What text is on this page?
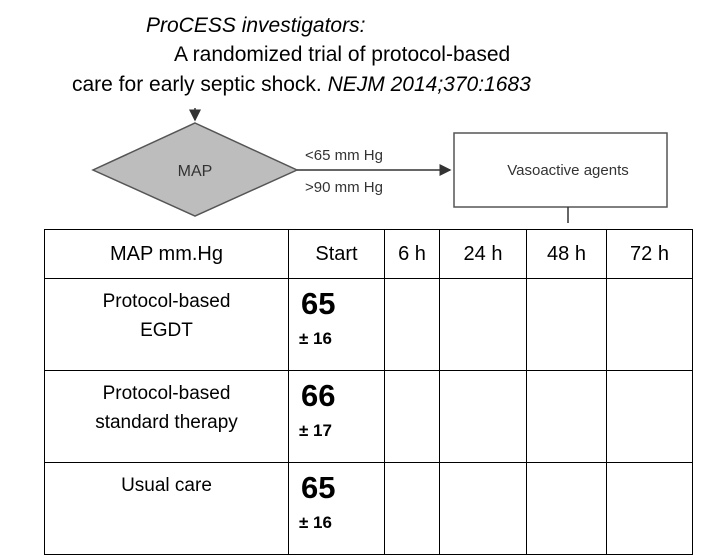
ProCESS investigators:
A randomized trial of protocol-based
care for early septic shock. NEJM 2014;370:1683
MAP
<65 mm Hg
>90 mm Hg
Vasoactive agents
MAP mm.Hg	Start	6 h	24 h	48 h	72 h
Protocol-based
EGDT	65
± 16				

Protocol-based
standard therapy	66
± 17				

Usual care	65
± 16				
